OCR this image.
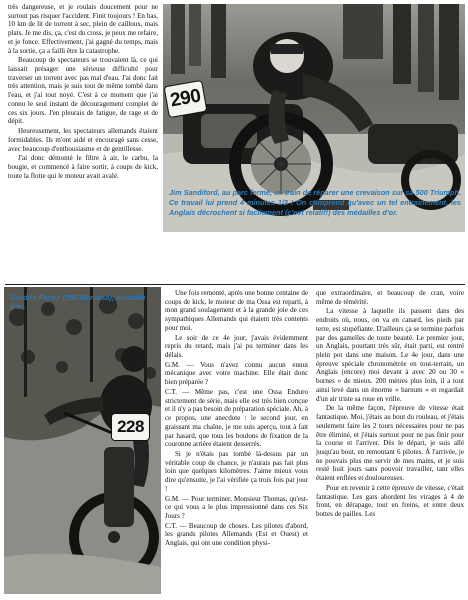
très dangereuse, et je roulais doucement pour ne surtout pas risquer l'accident. Finit toujours ! En bas, 10 km de lit de torrent à sec, plein de cailloux, mais plats. Je me dis, ça, c'est du cross, je peux me refaire, et je fonce. Effectivement, j'ai gagné du temps, mais à la sortie, ça a failli être la catastrophe.

Beaucoup de spectateurs se trouvaient là, ce qui laissait présager une sérieuse difficulté pour traverser un torrent avec pas mal d'eau. J'ai donc fait très attention, mais je suis tout de même tombé dans l'eau, et j'ai tout noyé. C'est à ce moment que j'ai connu le seul instant de découragement complet de ces six jours. J'en pleurais de fatigue, de rage et de dépit.

Heureusement, les spectateurs allemands étaient formidables. Ils m'ont aidé et encouragé sans cesse, avec beaucoup d'enthousiasme et de gentillesse.

J'ai donc démonté le filtre à air, le carbu, la bougie, et commencé à faire sortir, à coups de kick, toute la flotte qui le moteur avait avalé.

290
Jim Sandiford, au parc fermé, en train de réparer une crevaison sur sa 500 Triumph. Ce travail lui prend 4 minutes 1/2 ! On comprend qu'avec un tel entrainement, les Anglais décrochent si facilement (c'est relatif!) des médailles d'or.
Gordon Farley (250 Montesa), médaille d'or.
228

Une fois remonté, après une bonne centaine de coups de kick, le moteur de ma Ossa est reparti, à mon grand soulagement et à la grande joie de ces sympathiques Allemands qui étaient très contents pour moi.

Le soir de ce 4e jour, j'avais évidemment repris du retard, mais j'ai pu terminer dans les délais.

G.M. — Vous n'avez connu aucun ennui mécanique avec votre machine. Elle était donc bien préparée ?

C.T. — Même pas, c'est une Ossa Enduro strictement de série, mais elle est très bien conçue et il n'y a pas besoin de préparation spéciale. Ah, à ce propos, une anecdote : le second jour, en graissant ma chaîne, je me suis aperçu, tout à fait par hasard, que tous les boulons de fixation de la couronne arrière étaient desserrés.

Si je n'étais pas tombé là-dessus par un véritable coup de chance, je n'aurais pas fait plus loin que quelques kilomètres. J'aime mieux vous dire qu'ensuite, je l'ai vérifiée ça trois fois par jour !

G.M. — Pour terminer, Monsieur Thomas, qu'est-ce qui vous a le plus impressionné dans ces Six Jours ?

C.T. — Beaucoup de choses. Les pilotes d'abord, les grands pilotes Allemands (Est et Ouest) et Anglais, qui ont une condition physi-

que extraordinaire, et beaucoup de cran, voire même de témérité.

La vitesse à laquelle ils passent dans des endroits où, nous, on va en canard, les pieds par terre, est stupéfiante. D'ailleurs ça se termine parfois par des gamelles de toute beauté. Le premier jour, un Anglais, pourtant très sûr, était parti, est rentré plein pot dans une maison. Le 4e jour, dans une épreuve spéciale chronométrée en tout-terrain, un Anglais (encore) moi devant à avec 20 ou 30 « bornes » de mieux. 200 mètres plus loin, il a tout ainsi levé dans un énorme « barnum » et regardait d'un air triste sa roue en vrille.

De la même façon, l'épreuve de vitesse était fantastique. Moi, j'étais au bout du rouleau, et j'étais seulement faire les 2 tours nécessaires pour ne pas être éliminé, et j'étais surtout pour ne pas finir pour la course et l'arriver. Dès le départ, je suis allé jusqu'au bout, en remontant 6 pilotes. À l'arrivée, je ne pouvais plus me servir de mes mains, et je suis resté huit jours sans pouvoir travailler, tant elles étaient enflées et douloureuses.

Pour en revenir à cette épreuve de vitesse, c'était fantastique. Les gars abordent les virages à 4 de front, en dérapage, tout en freins, et entre deux bottes de pailles. Les
